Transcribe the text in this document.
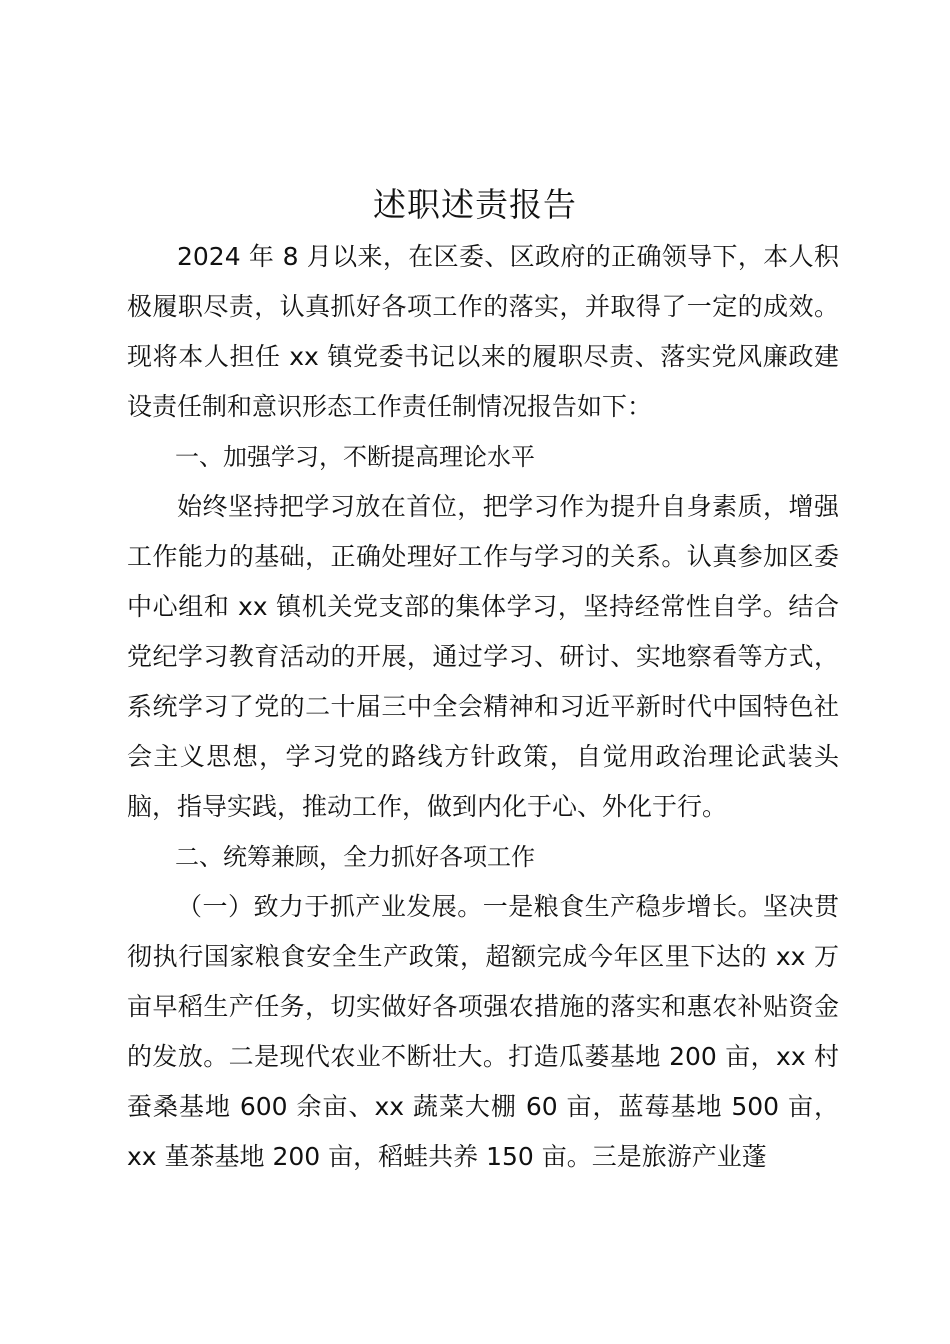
述职述责报告

2024 年 8 月以来，在区委、区政府的正确领导下，本人积极履职尽责，认真抓好各项工作的落实，并取得了一定的成效。现将本人担任 xx 镇党委书记以来的履职尽责、落实党风廉政建设责任制和意识形态工作责任制情况报告如下：

一、加强学习，不断提高理论水平

始终坚持把学习放在首位，把学习作为提升自身素质，增强工作能力的基础，正确处理好工作与学习的关系。认真参加区委中心组和 xx 镇机关党支部的集体学习，坚持经常性自学。结合党纪学习教育活动的开展，通过学习、研讨、实地察看等方式，系统学习了党的二十届三中全会精神和习近平新时代中国特色社会主义思想，学习党的路线方针政策，自觉用政治理论武装头脑，指导实践，推动工作，做到内化于心、外化于行。

二、统筹兼顾，全力抓好各项工作

（一）致力于抓产业发展。一是粮食生产稳步增长。坚决贯彻执行国家粮食安全生产政策，超额完成今年区里下达的 xx 万亩早稻生产任务，切实做好各项强农措施的落实和惠农补贴资金的发放。二是现代农业不断壮大。打造瓜蒌基地 200 亩，xx 村蚕桑基地 600 余亩、xx 蔬菜大棚 60 亩，蓝莓基地 500 亩，xx 堇茶基地 200 亩，稻蛙共养 150 亩。三是旅游产业蓬
